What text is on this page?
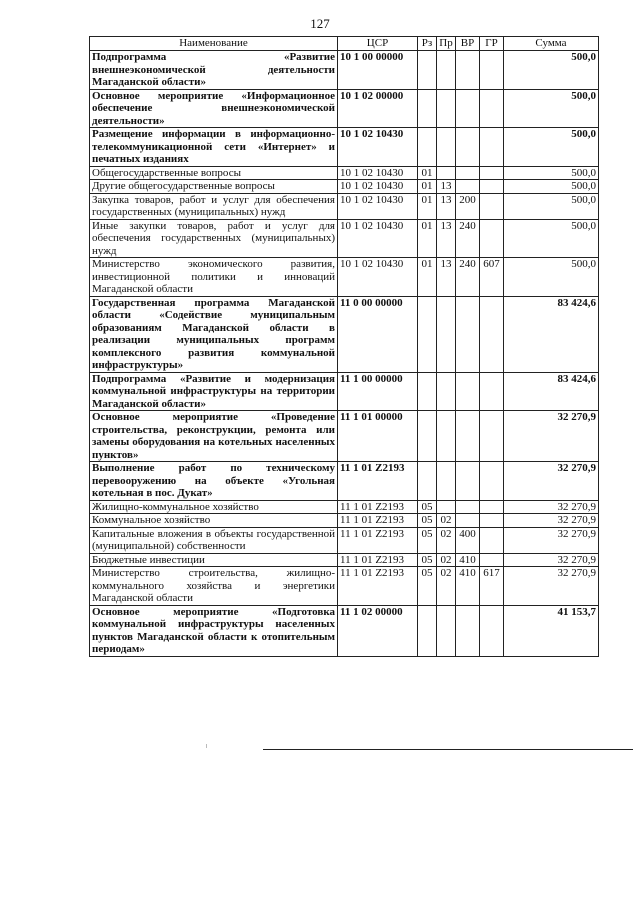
127
Наименование	ЦСР	Рз	Пр	ВР	ГР	Сумма
Подпрограмма «Развитие внешнеэкономической деятельности Магаданской области»	10 1 00 00000					500,0
Основное мероприятие «Информационное обеспечение внешнеэкономической деятельности»	10 1 02 00000					500,0
Размещение информации в информационно-телекоммуникационной сети «Интернет» и печатных изданиях	10 1 02 10430					500,0
Общегосударственные вопросы	10 1 02 10430	01				500,0
Другие общегосударственные вопросы	10 1 02 10430	01	13			500,0
Закупка товаров, работ и услуг для обеспечения государственных (муниципальных) нужд	10 1 02 10430	01	13	200		500,0
Иные закупки товаров, работ и услуг для обеспечения государственных (муниципальных) нужд	10 1 02 10430	01	13	240		500,0
Министерство экономического развития, инвестиционной политики и инноваций Магаданской области	10 1 02 10430	01	13	240	607	500,0
Государственная программа Магаданской области «Содействие муниципальным образованиям Магаданской области в реализации муниципальных программ комплексного развития коммунальной инфраструктуры»	11 0 00 00000					83 424,6
Подпрограмма «Развитие и модернизация коммунальной инфраструктуры на территории Магаданской области»	11 1 00 00000					83 424,6
Основное мероприятие «Проведение строительства, реконструкции, ремонта или замены оборудования на котельных населенных пунктов»	11 1 01 00000					32 270,9
Выполнение работ по техническому перевооружению на объекте «Угольная котельная в пос. Дукат»	11 1 01 Z2193					32 270,9
Жилищно-коммунальное хозяйство	11 1 01 Z2193	05				32 270,9
Коммунальное хозяйство	11 1 01 Z2193	05	02			32 270,9
Капитальные вложения в объекты государственной (муниципальной) собственности	11 1 01 Z2193	05	02	400		32 270,9
Бюджетные инвестиции	11 1 01 Z2193	05	02	410		32 270,9
Министерство строительства, жилищно-коммунального хозяйства и энергетики Магаданской области	11 1 01 Z2193	05	02	410	617	32 270,9
Основное мероприятие «Подготовка коммунальной инфраструктуры населенных пунктов Магаданской области к отопительным периодам»	11 1 02 00000					41 153,7
